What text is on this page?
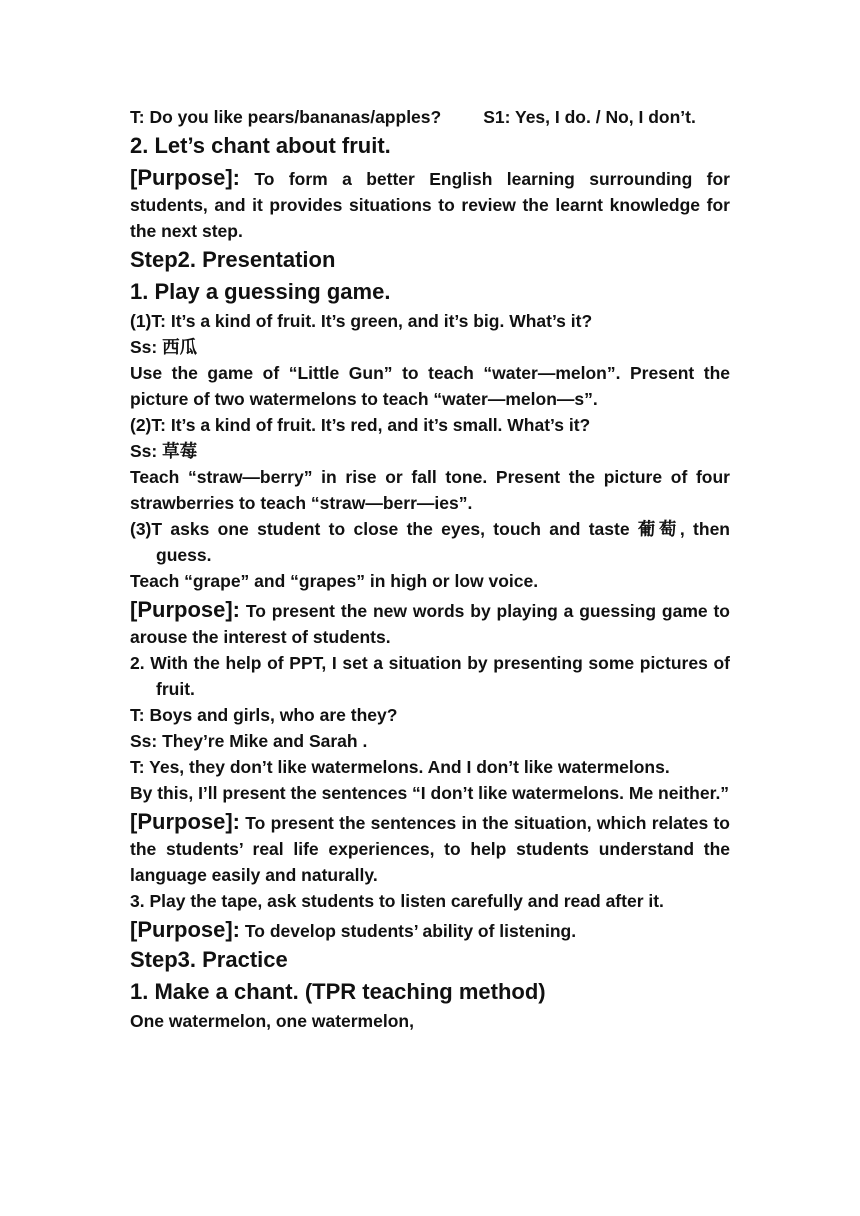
T: Do you like pears/bananas/apples? S1: Yes, I do. / No, I don’t.

2. Let’s chant about fruit.

[Purpose]: To form a better English learning surrounding for students, and it provides situations to review the learnt knowledge for the next step.

Step2. Presentation

1. Play a guessing game.

(1)T: It’s a kind of fruit. It’s green, and it’s big. What’s it?

Ss: 西瓜

Use the game of “Little Gun” to teach “water—melon”. Present the picture of two watermelons to teach “water—melon—s”.

(2)T: It’s a kind of fruit. It’s red, and it’s small. What’s it?

Ss: 草莓

Teach “straw—berry” in rise or fall tone. Present the picture of four strawberries to teach “straw—berr—ies”.

(3)T asks one student to close the eyes, touch and taste 葡萄, then guess.

Teach “grape” and “grapes” in high or low voice.

[Purpose]: To present the new words by playing a guessing game to arouse the interest of students.

2. With the help of PPT, I set a situation by presenting some pictures of fruit.

T: Boys and girls, who are they?

Ss: They’re Mike and Sarah .

T: Yes, they don’t like watermelons. And I don’t like watermelons.

By this, I’ll present the sentences “I don’t like watermelons. Me neither.”

[Purpose]: To present the sentences in the situation, which relates to the students’ real life experiences, to help students understand the language easily and naturally.

3. Play the tape, ask students to listen carefully and read after it.

[Purpose]: To develop students’ ability of listening.

Step3. Practice

1. Make a chant. (TPR teaching method)

One watermelon, one watermelon,
